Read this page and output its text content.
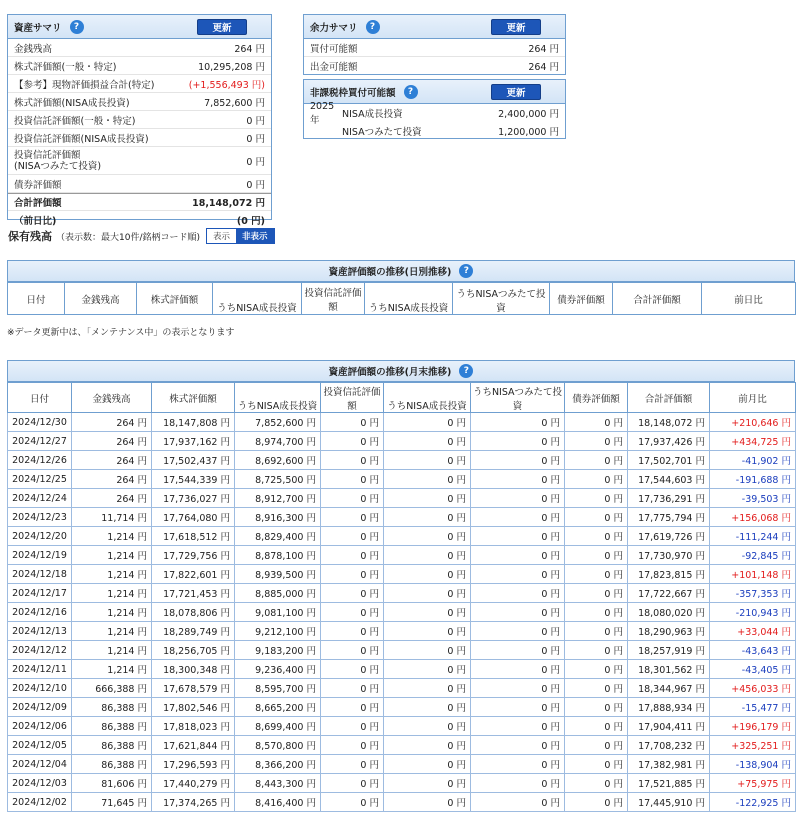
資産サマリ	?	更新
金銭残高	264 円
株式評価額(一般・特定)	10,295,208 円
【参考】現物評価損益合計(特定)	(+1,556,493 円)
株式評価額(NISA成長投資)	7,852,600 円
投資信託評価額(一般・特定)	0 円
投資信託評価額(NISA成長投資)	0 円
投資信託評価額
(NISAつみたて投資)	0 円
債券評価額	0 円
合計評価額	18,148,072 円
（前日比)	(0 円)
余力サマリ	?	更新
買付可能額	264 円
出金可能額	264 円
非課税枠買付可能額	?	更新
2025年	NISA成長投資	2,400,000 円
NISAつみたて投資	1,200,000 円
保有残高 （表示数：最大10件/銘柄コード順)	表示	非表示
資産評価額の推移(日別推移)	?
日付	金銭残高	株式評価額	うちNISA成長投資	投資信託評価額	うちNISA成長投資	うちNISAつみたて投資	債券評価額	合計評価額	前日比
※データ更新中は、「メンテナンス中」の表示となります
資産評価額の推移(月末推移)	?
日付	金銭残高	株式評価額	うちNISA成長投資	投資信託評価額	うちNISA成長投資	うちNISAつみたて投資	債券評価額	合計評価額	前月比
2024/12/30	264 円	18,147,808 円	7,852,600 円	0 円	0 円	0 円	0 円	18,148,072 円	+210,646 円
2024/12/27	264 円	17,937,162 円	8,974,700 円	0 円	0 円	0 円	0 円	17,937,426 円	+434,725 円
2024/12/26	264 円	17,502,437 円	8,692,600 円	0 円	0 円	0 円	0 円	17,502,701 円	-41,902 円
2024/12/25	264 円	17,544,339 円	8,725,500 円	0 円	0 円	0 円	0 円	17,544,603 円	-191,688 円
2024/12/24	264 円	17,736,027 円	8,912,700 円	0 円	0 円	0 円	0 円	17,736,291 円	-39,503 円
2024/12/23	11,714 円	17,764,080 円	8,916,300 円	0 円	0 円	0 円	0 円	17,775,794 円	+156,068 円
2024/12/20	1,214 円	17,618,512 円	8,829,400 円	0 円	0 円	0 円	0 円	17,619,726 円	-111,244 円
2024/12/19	1,214 円	17,729,756 円	8,878,100 円	0 円	0 円	0 円	0 円	17,730,970 円	-92,845 円
2024/12/18	1,214 円	17,822,601 円	8,939,500 円	0 円	0 円	0 円	0 円	17,823,815 円	+101,148 円
2024/12/17	1,214 円	17,721,453 円	8,885,000 円	0 円	0 円	0 円	0 円	17,722,667 円	-357,353 円
2024/12/16	1,214 円	18,078,806 円	9,081,100 円	0 円	0 円	0 円	0 円	18,080,020 円	-210,943 円
2024/12/13	1,214 円	18,289,749 円	9,212,100 円	0 円	0 円	0 円	0 円	18,290,963 円	+33,044 円
2024/12/12	1,214 円	18,256,705 円	9,183,200 円	0 円	0 円	0 円	0 円	18,257,919 円	-43,643 円
2024/12/11	1,214 円	18,300,348 円	9,236,400 円	0 円	0 円	0 円	0 円	18,301,562 円	-43,405 円
2024/12/10	666,388 円	17,678,579 円	8,595,700 円	0 円	0 円	0 円	0 円	18,344,967 円	+456,033 円
2024/12/09	86,388 円	17,802,546 円	8,665,200 円	0 円	0 円	0 円	0 円	17,888,934 円	-15,477 円
2024/12/06	86,388 円	17,818,023 円	8,699,400 円	0 円	0 円	0 円	0 円	17,904,411 円	+196,179 円
2024/12/05	86,388 円	17,621,844 円	8,570,800 円	0 円	0 円	0 円	0 円	17,708,232 円	+325,251 円
2024/12/04	86,388 円	17,296,593 円	8,366,200 円	0 円	0 円	0 円	0 円	17,382,981 円	-138,904 円
2024/12/03	81,606 円	17,440,279 円	8,443,300 円	0 円	0 円	0 円	0 円	17,521,885 円	+75,975 円
2024/12/02	71,645 円	17,374,265 円	8,416,400 円	0 円	0 円	0 円	0 円	17,445,910 円	-122,925 円
